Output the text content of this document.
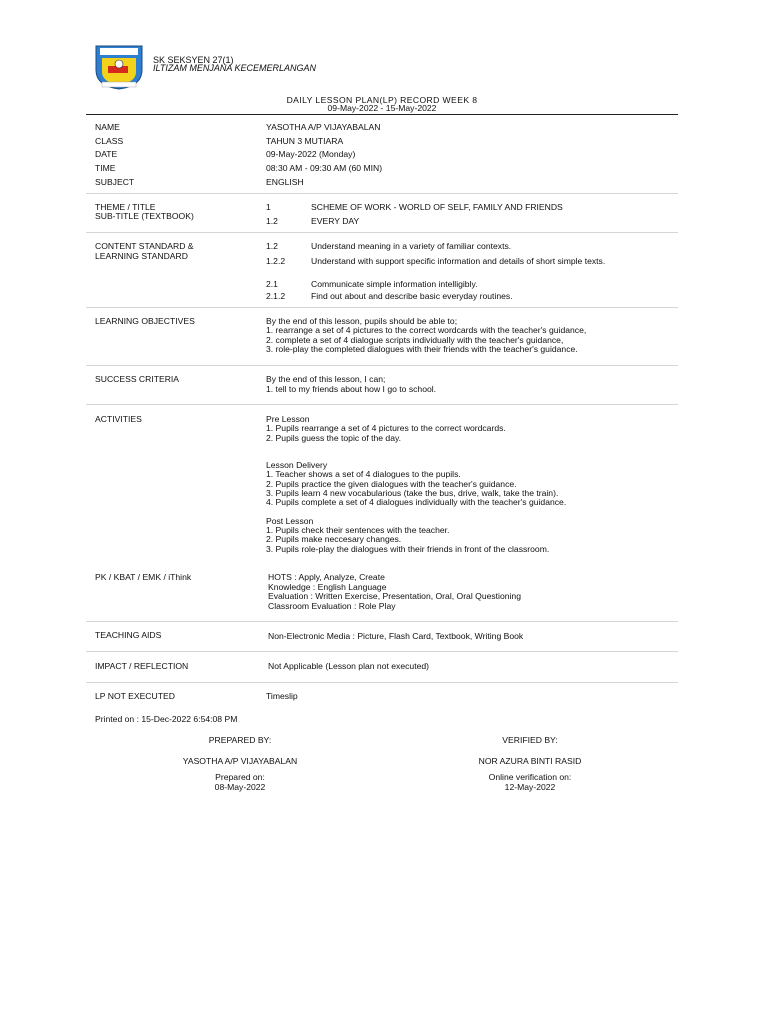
SK SEKSYEN 27(1)
ILTIZAM MENJANA KECEMERLANGAN
DAILY LESSON PLAN(LP) RECORD WEEK 8
09-May-2022 - 15-May-2022
NAME	YASOTHA A/P VIJAYABALAN
CLASS	TAHUN 3 MUTIARA
DATE	09-May-2022 (Monday)
TIME	08:30 AM - 09:30 AM (60 MIN)
SUBJECT	ENGLISH
THEME / TITLE
SUB-TITLE (TEXTBOOK)
1	SCHEME OF WORK - WORLD OF SELF, FAMILY AND FRIENDS
1.2	EVERY DAY
CONTENT STANDARD &
LEARNING STANDARD
1.2	Understand meaning in a variety of familiar contexts.
1.2.2	Understand with support specific information and details of short simple texts.
2.1	Communicate simple information intelligibly.
2.1.2	Find out about and describe basic everyday routines.
LEARNING OBJECTIVES	By the end of this lesson, pupils should be able to;
1. rearrange a set of 4 pictures to the correct wordcards with the teacher's guidance,
2. complete a set of 4 dialogue scripts individually with the teacher's guidance,
3. role-play the completed dialogues with their friends with the teacher's guidance.
SUCCESS CRITERIA	By the end of this lesson, I can;
1. tell to my friends about how I go to school.
ACTIVITIES	Pre Lesson
1. Pupils rearrange a set of 4 pictures to the correct wordcards.
2. Pupils guess the topic of the day.
Lesson Delivery
1. Teacher shows a set of 4 dialogues to the pupils.
2. Pupils practice the given dialogues with the teacher's guidance.
3. Pupils learn 4 new vocabularious (take the bus, drive, walk, take the train).
4. Pupils complete a set of 4 dialogues individually with the teacher's guidance.
Post Lesson
1. Pupils check their sentences with the teacher.
2. Pupils make neccesary changes.
3. Pupils role-play the dialogues with their friends in front of the classroom.
PK / KBAT / EMK / iThink	HOTS : Apply, Analyze, Create
Knowledge : English Language
Evaluation : Written Exercise, Presentation, Oral, Oral Questioning
Classroom Evaluation : Role Play
TEACHING AIDS	Non-Electronic Media : Picture, Flash Card, Textbook, Writing Book
IMPACT / REFLECTION	Not Applicable (Lesson plan not executed)
LP NOT EXECUTED	Timeslip
Printed on : 15-Dec-2022 6:54:08 PM
PREPARED BY:	VERIFIED BY:
YASOTHA A/P VIJAYABALAN	NOR AZURA BINTI RASID
Prepared on:	Online verification on:
08-May-2022	12-May-2022
